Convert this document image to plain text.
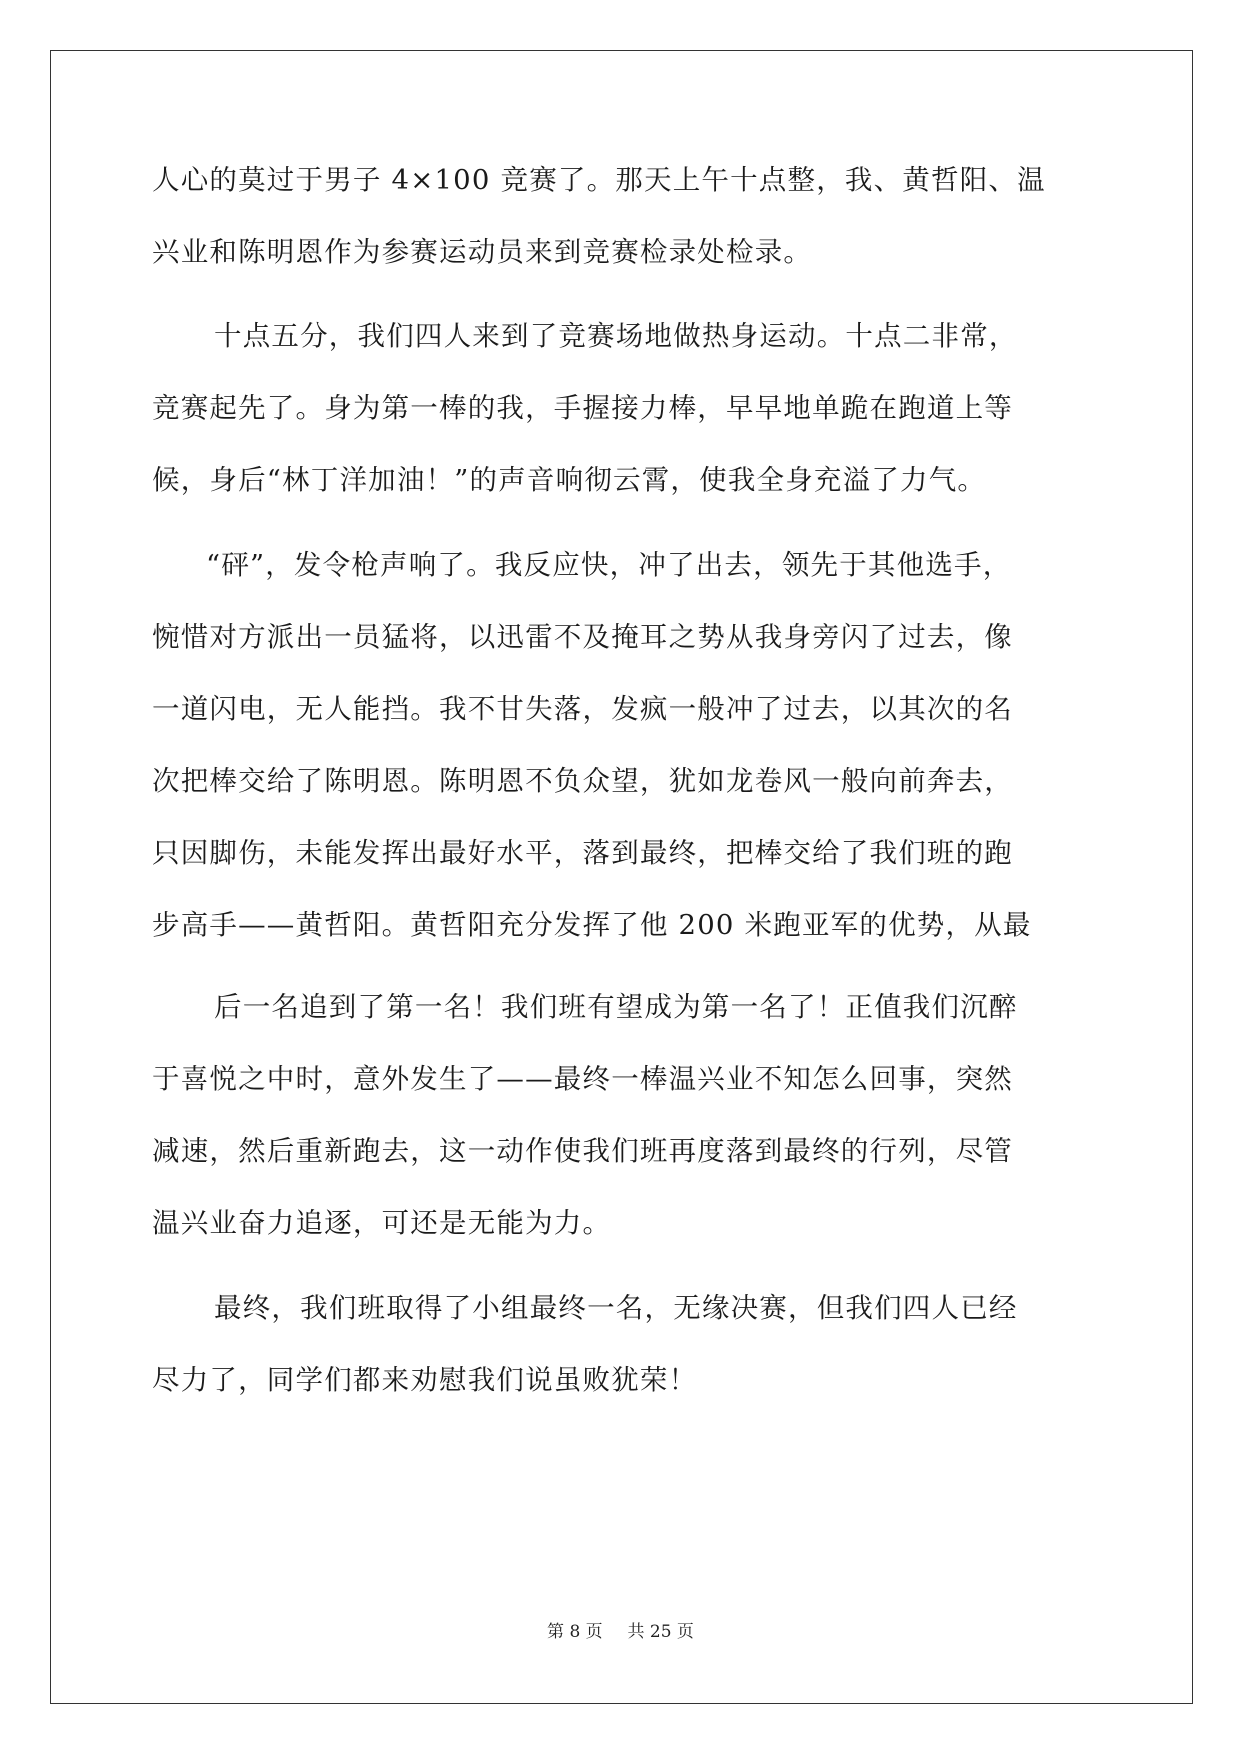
人心的莫过于男子 4×100 竞赛了。那天上午十点整，我、黄哲阳、温
兴业和陈明恩作为参赛运动员来到竞赛检录处检录。
十点五分，我们四人来到了竞赛场地做热身运动。十点二非常，
竞赛起先了。身为第一棒的我，手握接力棒，早早地单跪在跑道上等
候，身后“林丁洋加油！”的声音响彻云霄，使我全身充溢了力气。
“砰”，发令枪声响了。我反应快，冲了出去，领先于其他选手，
惋惜对方派出一员猛将，以迅雷不及掩耳之势从我身旁闪了过去，像
一道闪电，无人能挡。我不甘失落，发疯一般冲了过去，以其次的名
次把棒交给了陈明恩。陈明恩不负众望，犹如龙卷风一般向前奔去，
只因脚伤，未能发挥出最好水平，落到最终，把棒交给了我们班的跑
步高手——黄哲阳。黄哲阳充分发挥了他 200 米跑亚军的优势，从最
后一名追到了第一名！我们班有望成为第一名了！正值我们沉醉
于喜悦之中时，意外发生了——最终一棒温兴业不知怎么回事，突然
减速，然后重新跑去，这一动作使我们班再度落到最终的行列，尽管
温兴业奋力追逐，可还是无能为力。
最终，我们班取得了小组最终一名，无缘决赛，但我们四人已经
尽力了，同学们都来劝慰我们说虽败犹荣！
第 8 页 共 25 页
